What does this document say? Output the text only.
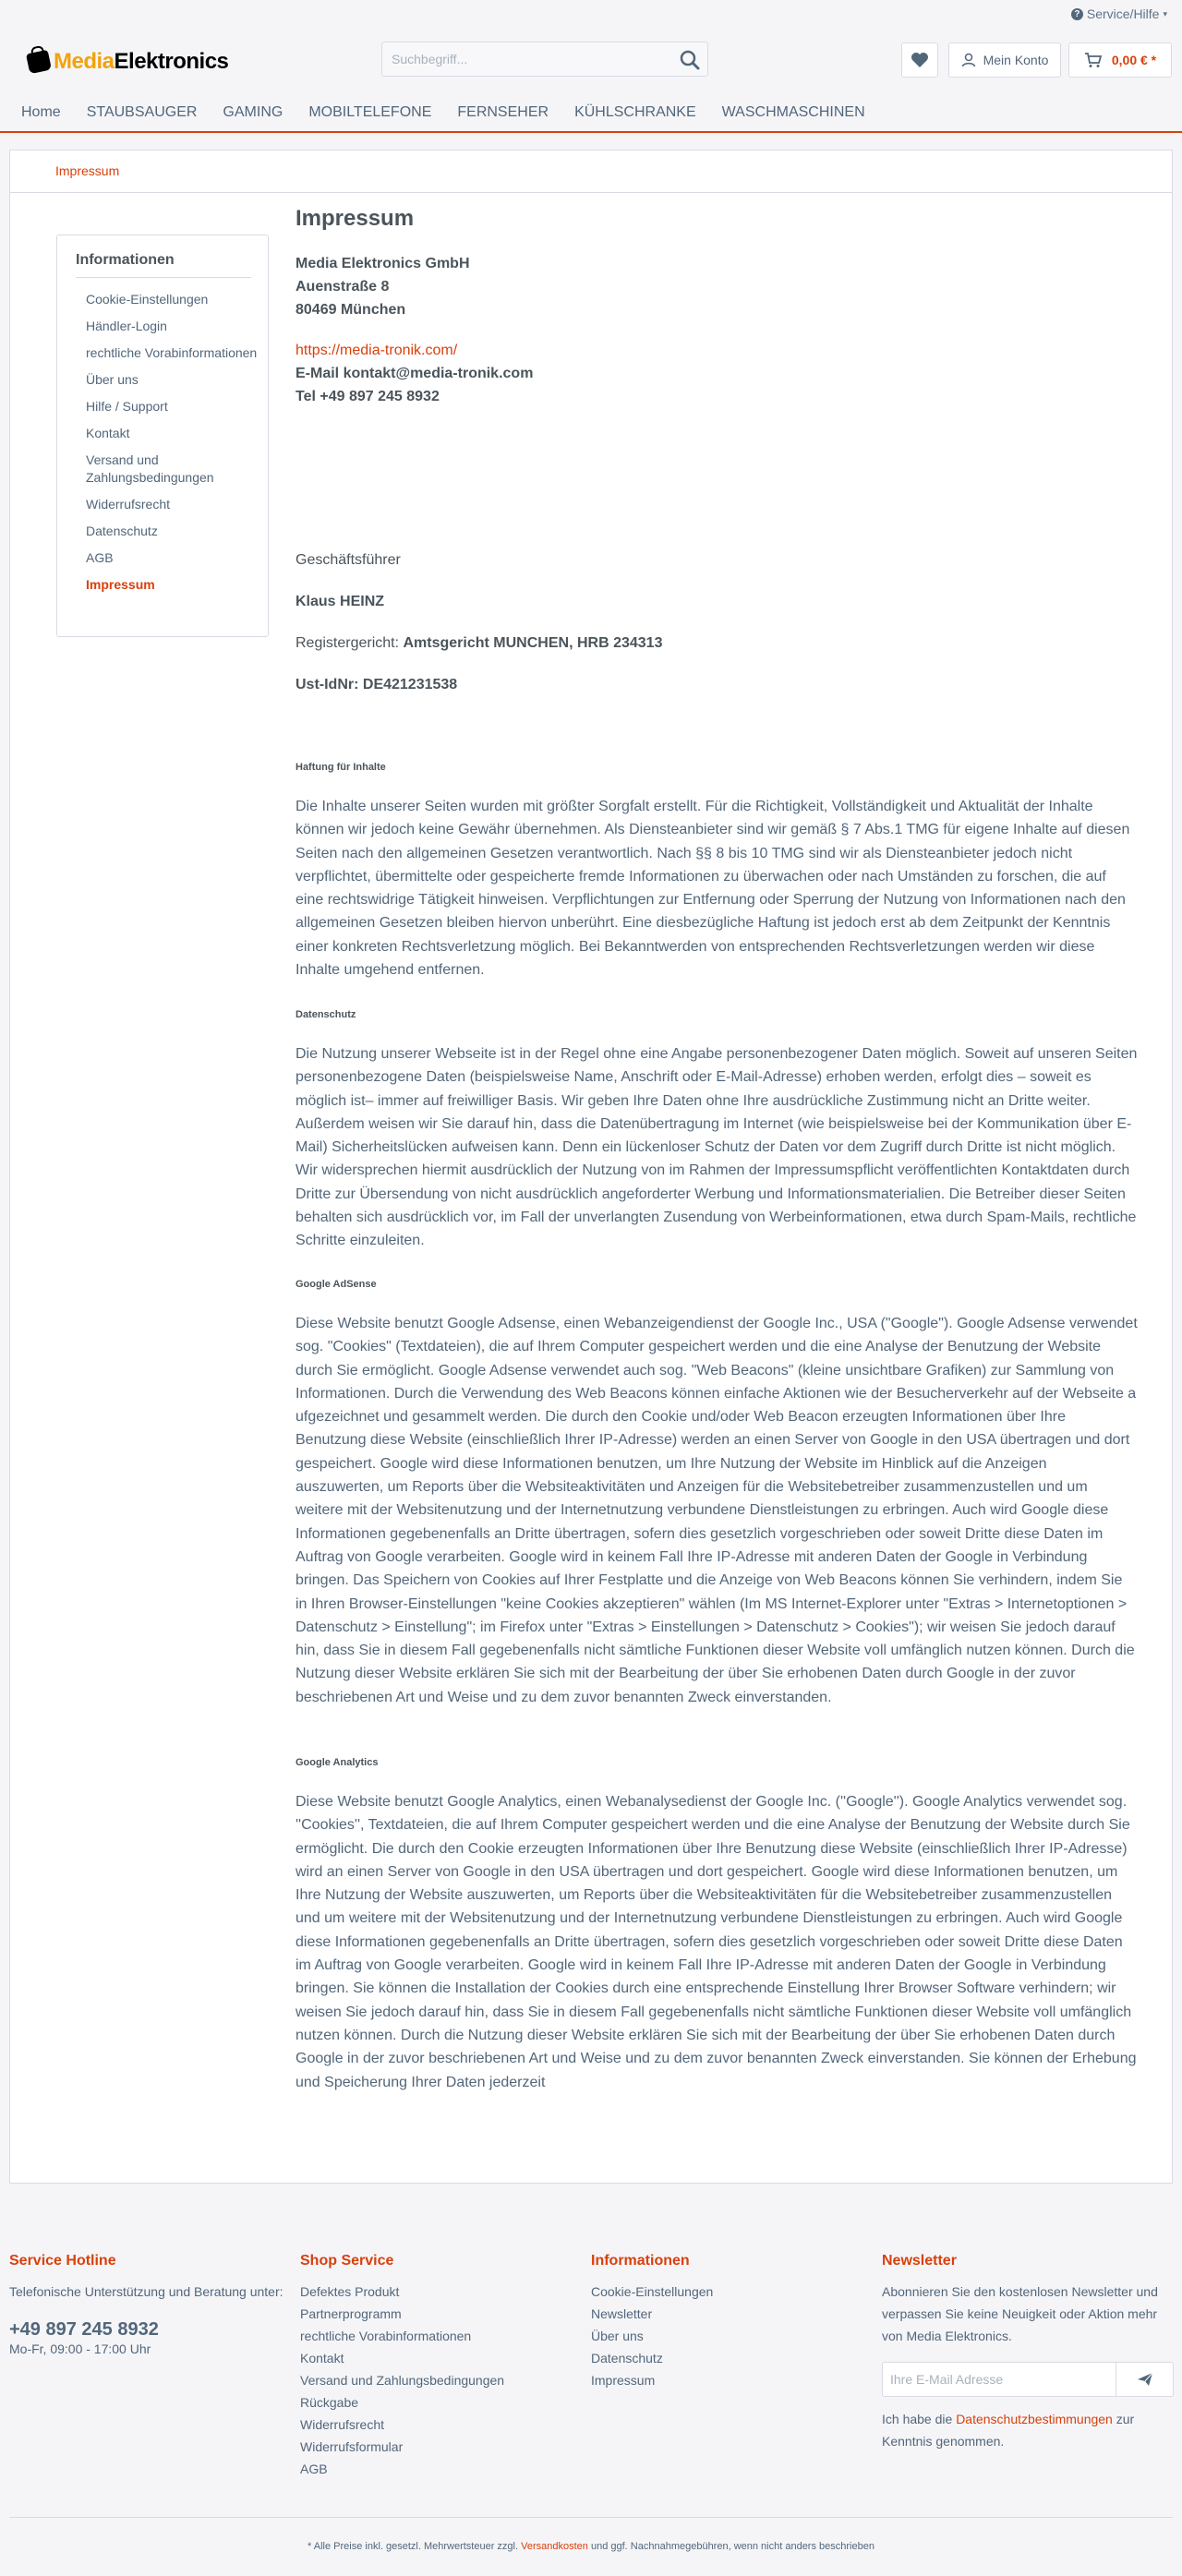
? Service/Hilfe ▾
MediaElektronics
Suchbegriff...	Mein Konto	0,00 € *
Home STAUBSAUGER GAMING MOBILTELEFONE FERNSEHER KÜHLSCHRANKE WASCHMASCHINEN
Impressum
Informationen
Cookie-Einstellungen
Händler-Login
rechtliche Vorabinformationen
Über uns
Hilfe / Support
Kontakt
Versand und Zahlungsbedingungen
Widerrufsrecht
Datenschutz
AGB
Impressum
Impressum
Media Elektronics GmbH
Auenstraße 8
80469 München
https://media-tronik.com/
E-Mail kontakt@media-tronik.com
Tel +49 897 245 8932
Geschäftsführer
Klaus HEINZ
Registergericht: Amtsgericht MUNCHEN, HRB 234313
Ust-IdNr: DE421231538
Haftung für Inhalte
Die Inhalte unserer Seiten wurden mit größter Sorgfalt erstellt. Für die Richtigkeit, Vollständigkeit und Aktualität der Inhalte können wir jedoch keine Gewähr übernehmen. Als Diensteanbieter sind wir gemäß § 7 Abs.1 TMG für eigene Inhalte auf diesen Seiten nach den allgemeinen Gesetzen verantwortlich. Nach §§ 8 bis 10 TMG sind wir als Diensteanbieter jedoch nicht verpflichtet, übermittelte oder gespeicherte fremde Informationen zu überwachen oder nach Umständen zu forschen, die auf eine rechtswidrige Tätigkeit hinweisen. Verpflichtungen zur Entfernung oder Sperrung der Nutzung von Informationen nach den allgemeinen Gesetzen bleiben hiervon unberührt. Eine diesbezügliche Haftung ist jedoch erst ab dem Zeitpunkt der Kenntnis einer konkreten Rechtsverletzung möglich. Bei Bekanntwerden von entsprechenden Rechtsverletzungen werden wir diese Inhalte umgehend entfernen.
Datenschutz
Die Nutzung unserer Webseite ist in der Regel ohne eine Angabe personenbezogener Daten möglich. Soweit auf unseren Seiten personenbezogene Daten (beispielsweise Name, Anschrift oder E-Mail-Adresse) erhoben werden, erfolgt dies – soweit es möglich ist– immer auf freiwilliger Basis. Wir geben Ihre Daten ohne Ihre ausdrückliche Zustimmung nicht an Dritte weiter. Außerdem weisen wir Sie darauf hin, dass die Datenübertragung im Internet (wie beispielsweise bei der Kommunikation über E-Mail) Sicherheitslücken aufweisen kann. Denn ein lückenloser Schutz der Daten vor dem Zugriff durch Dritte ist nicht möglich. Wir widersprechen hiermit ausdrücklich der Nutzung von im Rahmen der Impressumspflicht veröffentlichten Kontaktdaten durch Dritte zur Übersendung von nicht ausdrücklich angeforderter Werbung und Informationsmaterialien. Die Betreiber dieser Seiten behalten sich ausdrücklich vor, im Fall der unverlangten Zusendung von Werbeinformationen, etwa durch Spam-Mails, rechtliche Schritte einzuleiten.
Google AdSense
Diese Website benutzt Google Adsense, einen Webanzeigendienst der Google Inc., USA ("Google"). Google Adsense verwendet sog. "Cookies" (Textdateien), die auf Ihrem Computer gespeichert werden und die eine Analyse der Benutzung der Website durch Sie ermöglicht. Google Adsense verwendet auch sog. "Web Beacons" (kleine unsichtbare Grafiken) zur Sammlung von Informationen. Durch die Verwendung des Web Beacons können einfache Aktionen wie der Besucherverkehr auf der Webseite a ufgezeichnet und gesammelt werden. Die durch den Cookie und/oder Web Beacon erzeugten Informationen über Ihre Benutzung diese Website (einschließlich Ihrer IP-Adresse) werden an einen Server von Google in den USA übertragen und dort gespeichert. Google wird diese Informationen benutzen, um Ihre Nutzung der Website im Hinblick auf die Anzeigen auszuwerten, um Reports über die Websiteaktivitäten und Anzeigen für die Websitebetreiber zusammenzustellen und um weitere mit der Websitenutzung und der Internetnutzung verbundene Dienstleistungen zu erbringen. Auch wird Google diese Informationen gegebenenfalls an Dritte übertragen, sofern dies gesetzlich vorgeschrieben oder soweit Dritte diese Daten im Auftrag von Google verarbeiten. Google wird in keinem Fall Ihre IP-Adresse mit anderen Daten der Google in Verbindung bringen. Das Speichern von Cookies auf Ihrer Festplatte und die Anzeige von Web Beacons können Sie verhindern, indem Sie in Ihren Browser-Einstellungen "keine Cookies akzeptieren" wählen (Im MS Internet-Explorer unter "Extras > Internetoptionen > Datenschutz > Einstellung"; im Firefox unter "Extras > Einstellungen > Datenschutz > Cookies"); wir weisen Sie jedoch darauf hin, dass Sie in diesem Fall gegebenenfalls nicht sämtliche Funktionen dieser Website voll umfänglich nutzen können. Durch die Nutzung dieser Website erklären Sie sich mit der Bearbeitung der über Sie erhobenen Daten durch Google in der zuvor beschriebenen Art und Weise und zu dem zuvor benannten Zweck einverstanden.
Google Analytics
Diese Website benutzt Google Analytics, einen Webanalysedienst der Google Inc. (''Google''). Google Analytics verwendet sog. ''Cookies'', Textdateien, die auf Ihrem Computer gespeichert werden und die eine Analyse der Benutzung der Website durch Sie ermöglicht. Die durch den Cookie erzeugten Informationen über Ihre Benutzung diese Website (einschließlich Ihrer IP-Adresse) wird an einen Server von Google in den USA übertragen und dort gespeichert. Google wird diese Informationen benutzen, um Ihre Nutzung der Website auszuwerten, um Reports über die Websiteaktivitäten für die Websitebetreiber zusammenzustellen und um weitere mit der Websitenutzung und der Internetnutzung verbundene Dienstleistungen zu erbringen. Auch wird Google diese Informationen gegebenenfalls an Dritte übertragen, sofern dies gesetzlich vorgeschrieben oder soweit Dritte diese Daten im Auftrag von Google verarbeiten. Google wird in keinem Fall Ihre IP-Adresse mit anderen Daten der Google in Verbindung bringen. Sie können die Installation der Cookies durch eine entsprechende Einstellung Ihrer Browser Software verhindern; wir weisen Sie jedoch darauf hin, dass Sie in diesem Fall gegebenenfalls nicht sämtliche Funktionen dieser Website voll umfänglich nutzen können. Durch die Nutzung dieser Website erklären Sie sich mit der Bearbeitung der über Sie erhobenen Daten durch Google in der zuvor beschriebenen Art und Weise und zu dem zuvor benannten Zweck einverstanden. Sie können der Erhebung und Speicherung Ihrer Daten jederzeit
Service Hotline

Telefonische Unterstützung und Beratung unter:

+49 897 245 8932

Mo-Fr, 09:00 - 17:00 Uhr

Shop Service
Defektes Produkt
Partnerprogramm
rechtliche Vorabinformationen
Kontakt
Versand und Zahlungsbedingungen
Rückgabe
Widerrufsrecht
Widerrufsformular
AGB
Informationen
Cookie-Einstellungen
Newsletter
Über uns
Datenschutz
Impressum
Newsletter

Abonnieren Sie den kostenlosen Newsletter und verpassen Sie keine Neuigkeit oder Aktion mehr von Media Elektronics.

Ihre E-Mail Adresse
Ich habe die Datenschutzbestimmungen zur Kenntnis genommen.
* Alle Preise inkl. gesetzl. Mehrwertsteuer zzgl. Versandkosten und ggf. Nachnahmegebühren, wenn nicht anders beschrieben
